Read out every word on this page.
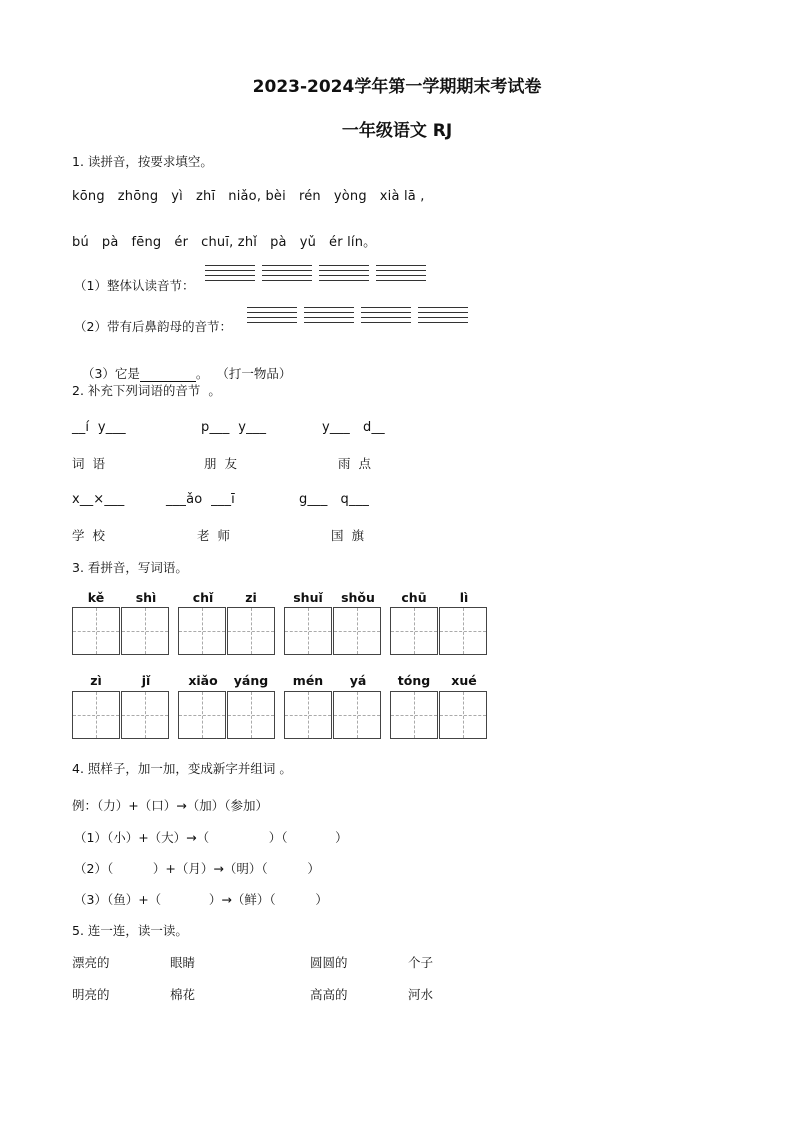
2023-2024学年第一学期期末考试卷
一年级语文 RJ
1. 读拼音，按要求填空。
kōng   zhōng   yì   zhī   niǎo, bèi   rén   yòng   xià lā ,
bú   pà   fēng   ér   chuī, zhǐ   pà   yǔ   ér lín。
（1）整体认读音节：
（2）带有后鼻韵母的音节：

（3）它是	。  （打一物品）

2. 补充下列词语的音节  。
__í  y___	p___  y___	y___   d__
词  语	朋  友	雨  点
x__×___	___ǎo  ___ī	g___   q___
学  校	老  师	国  旗
3. 看拼音，写词语。
kě	shì	chǐ	zi	shuǐ	shǒu	chū	lì
zì	jǐ	xiǎo	yáng	mén	yá	tóng	xué
4. 照样子，加一加，变成新字并组词 。
例：（力）+（口）→（加）（参加）
（1）（小）+（大）→（               ）（            ）
（2）（          ）+（月）→（明）（          ）
（3）（鱼）+（            ）→（鲜）（          ）
5. 连一连，读一读。
漂亮的	眼睛	圆圆的	个子
明亮的	棉花	高高的	河水
